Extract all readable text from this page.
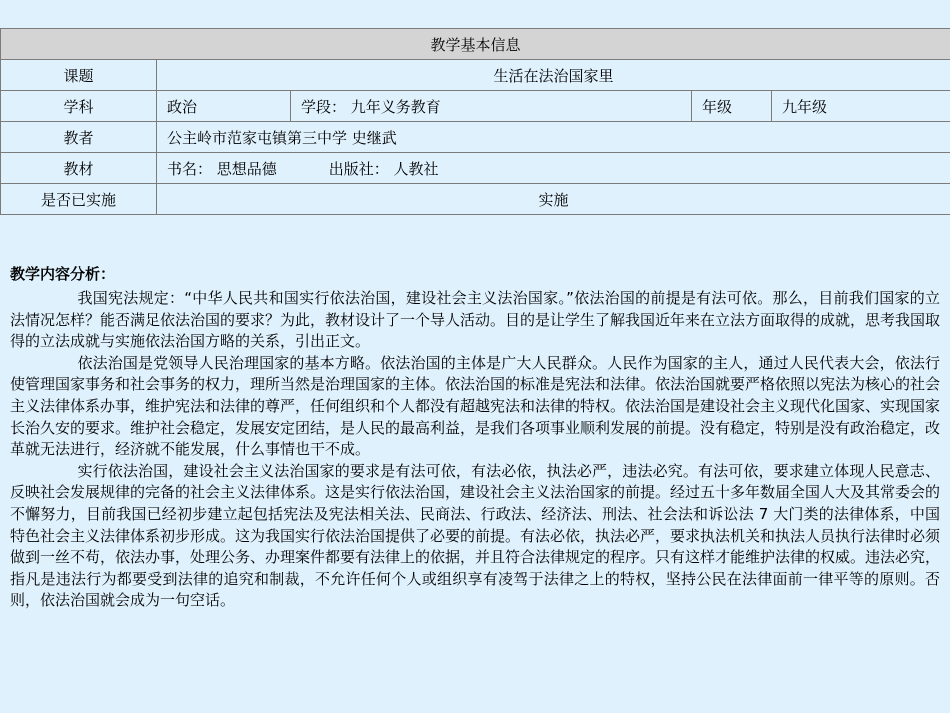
教学基本信息				
课题	生活在法治国家里			
学科	政治	学段： 九年义务教育	年级	九年级
教者	公主岭市范家屯镇第三中学 史继武			
教材	书名： 思想品德 出版社： 人教社			
是否已实施	实施			
教学内容分析：

我国宪法规定：“中华人民共和国实行依法治国，建设社会主义法治国家。”依法治国的前提是有法可依。那么，目前我们国家的立法情况怎样？能否满足依法治国的要求？为此，教材设计了一个导人活动。目的是让学生了解我国近年来在立法方面取得的成就，思考我国取得的立法成就与实施依法治国方略的关系，引出正文。

依法治国是党领导人民治理国家的基本方略。依法治国的主体是广大人民群众。人民作为国家的主人，通过人民代表大会，依法行使管理国家事务和社会事务的权力，理所当然是治理国家的主体。依法治国的标准是宪法和法律。依法治国就要严格依照以宪法为核心的社会主义法律体系办事，维护宪法和法律的尊严，任何组织和个人都没有超越宪法和法律的特权。依法治国是建设社会主义现代化国家、实现国家长治久安的要求。维护社会稳定，发展安定团结，是人民的最高利益，是我们各项事业顺利发展的前提。没有稳定，特别是没有政治稳定，改革就无法进行，经济就不能发展，什么事情也干不成。

实行依法治国，建设社会主义法治国家的要求是有法可依，有法必依，执法必严，违法必究。有法可依，要求建立体现人民意志、反映社会发展规律的完备的社会主义法律体系。这是实行依法治国，建设社会主义法治国家的前提。经过五十多年数届全国人大及其常委会的不懈努力，目前我国已经初步建立起包括宪法及宪法相关法、民商法、行政法、经济法、刑法、社会法和诉讼法 7 大门类的法律体系，中国特色社会主义法律体系初步形成。这为我国实行依法治国提供了必要的前提。有法必依，执法必严，要求执法机关和执法人员执行法律时必须做到一丝不苟，依法办事，处理公务、办理案件都要有法律上的依据，并且符合法律规定的程序。只有这样才能维护法律的权威。违法必究，指凡是违法行为都要受到法律的追究和制裁，不允许任何个人或组织享有凌驾于法律之上的特权，坚持公民在法律面前一律平等的原则。否则，依法治国就会成为一句空话。
